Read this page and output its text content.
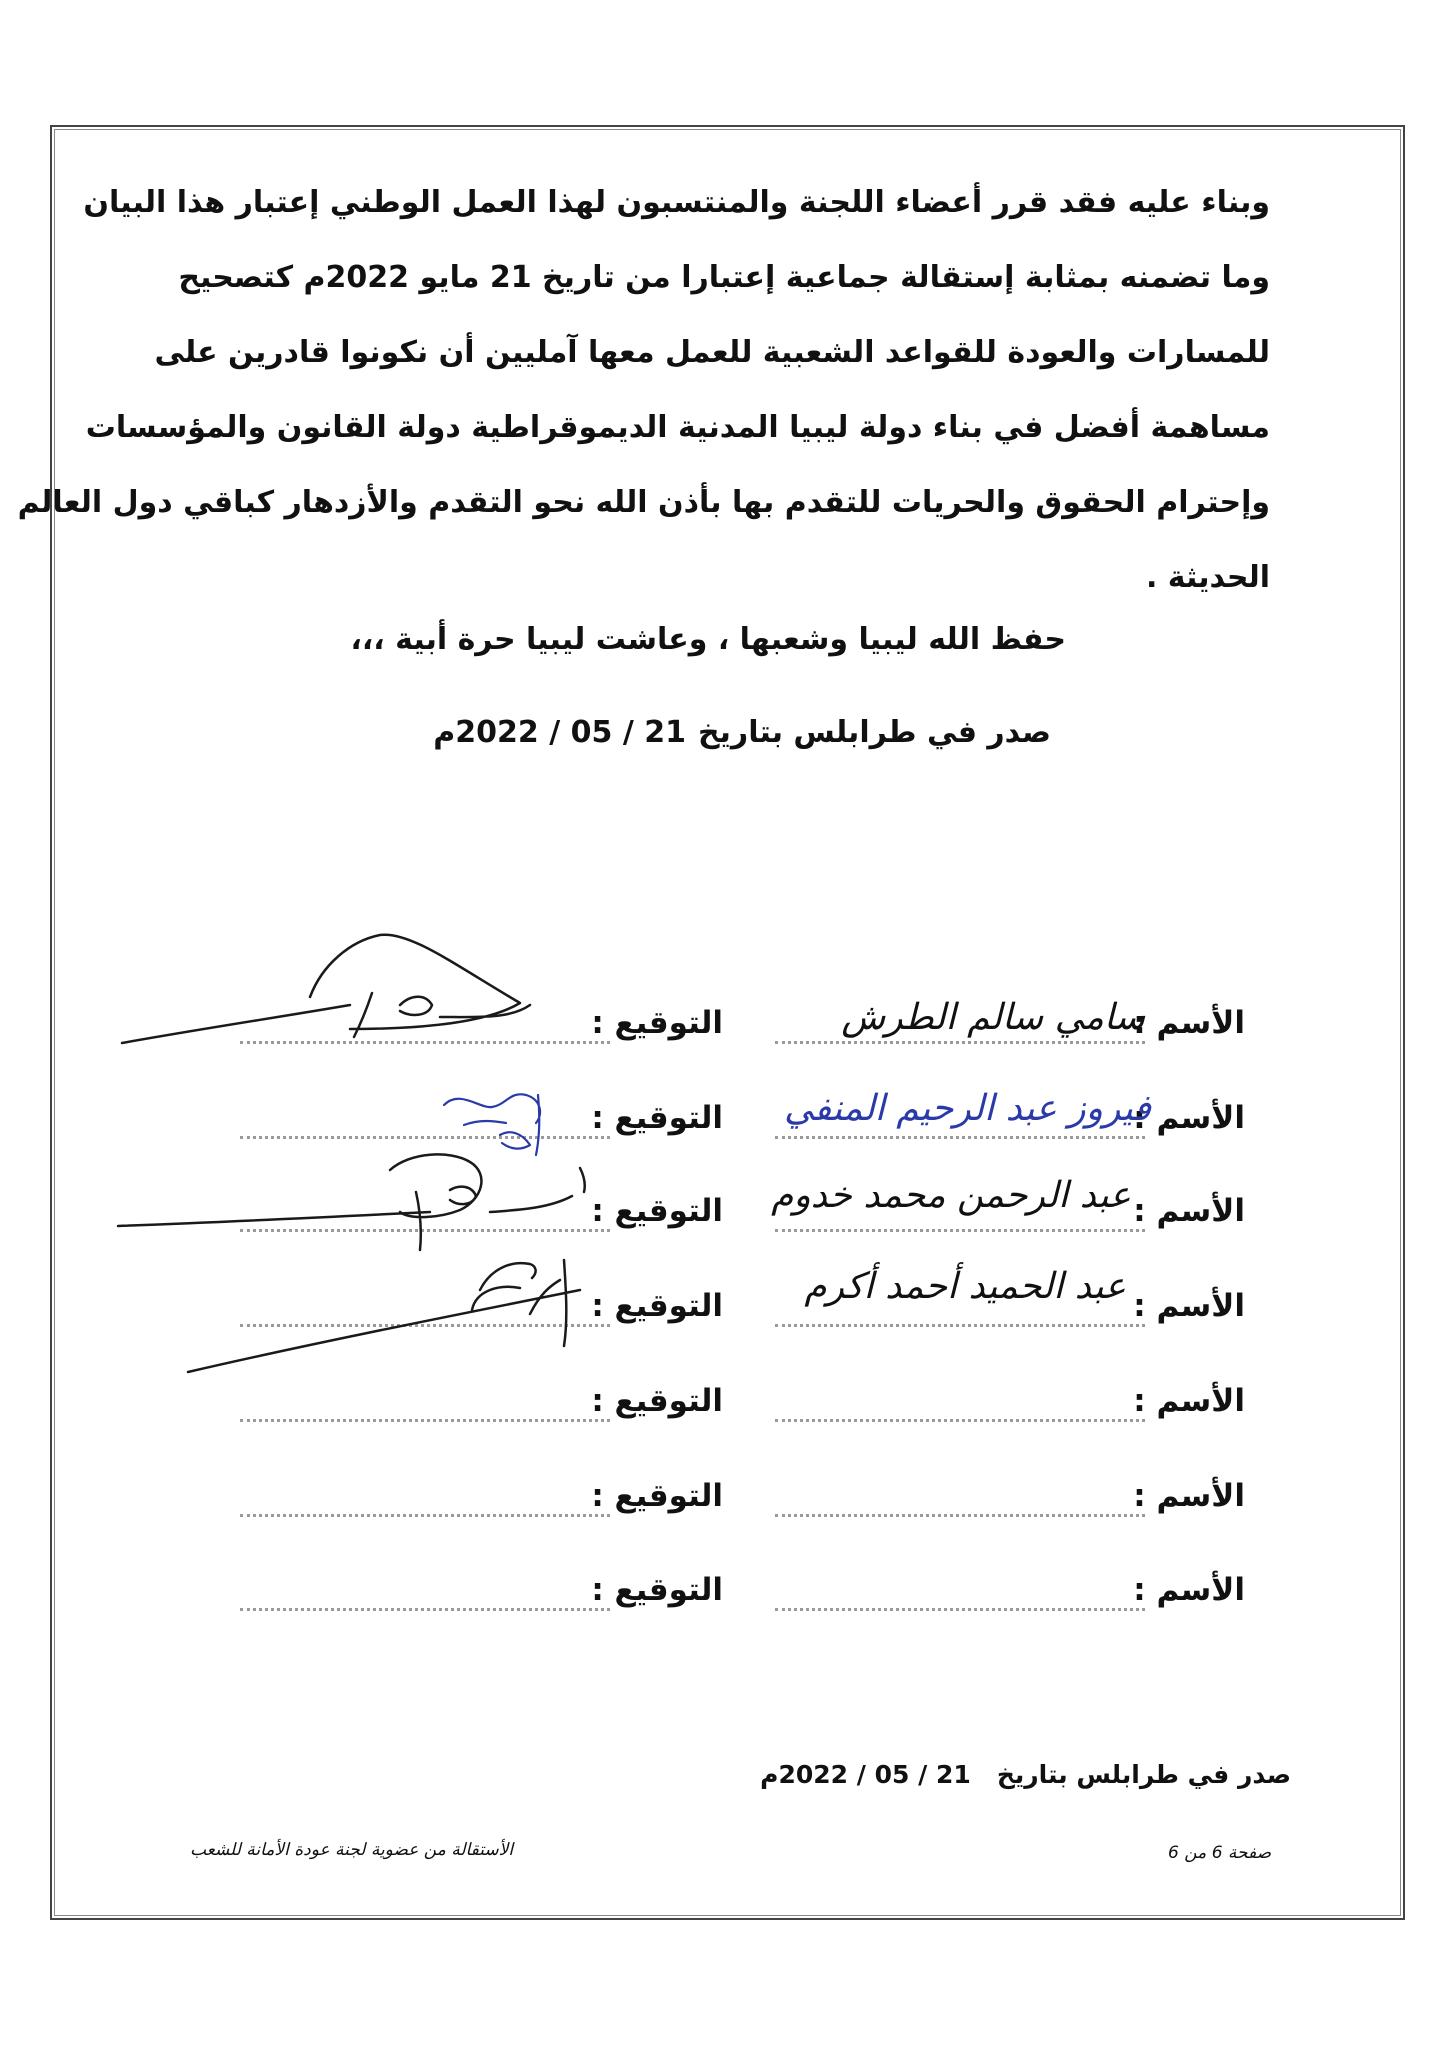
وبناء عليه فقد قرر أعضاء اللجنة والمنتسبون لهذا العمل الوطني إعتبار هذا البيان
وما تضمنه بمثابة إستقالة جماعية إعتبارا من تاريخ 21 مايو 2022م كتصحيح
للمسارات والعودة للقواعد الشعبية للعمل معها آمليين أن نكونوا قادرين على
مساهمة أفضل في بناء دولة ليبيا المدنية الديموقراطية دولة القانون والمؤسسات
وإحترام الحقوق والحريات للتقدم بها بأذن الله نحو التقدم والأزدهار كباقي دول العالم
الحديثة .
حفظ الله ليبيا وشعبها ، وعاشت ليبيا حرة أبية ،،،
صدر في طرابلس بتاريخ
21 / 05 / 2022م
الأسم :
التوقيع :	سامي سالم الطرش
الأسم :
التوقيع : فيروز عبد الرحيم المنفي
الأسم :
التوقيع : عبد الرحمن محمد خدوم
الأسم :
التوقيع : عبد الحميد أحمد أكرم
الأسم :
التوقيع :
الأسم :
التوقيع :
الأسم :
التوقيع :
صفحة 6 من 6
الأستقالة من عضوية لجنة عودة الأمانة للشعب
صدر في طرابلس بتاريخ   21 / 05 / 2022م
